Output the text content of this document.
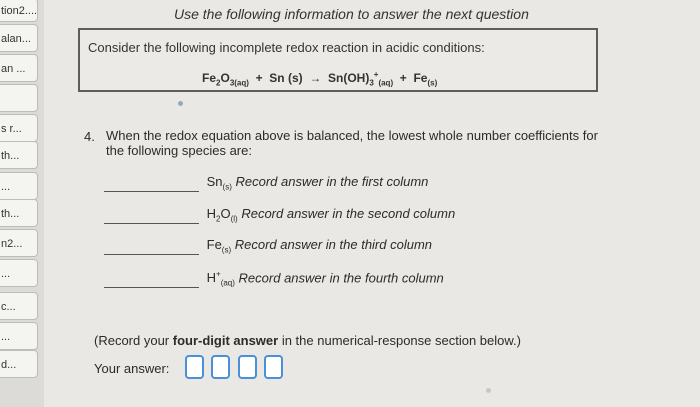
tion2....
alan...
an ...
s r...
th...
...
th...
n2...
...
c...
...
d...
Use the following information to answer the next question
Consider the following incomplete redox reaction in acidic conditions:
$Fe_2O_{3(aq)} + Sn$ $(s) \to Sn(OH)_3^+_{(aq)} + Fe_{(s)}$
4. When the redox equation above is balanced, the lowest whole number coefficients for the following species are:
$Sn_{(s)}$ Record answer in the first column
$H_2O_{(l)}$ Record answer in the second column
$Fe_{(s)}$ Record answer in the third column
$H^+_{(aq)}$ Record answer in the fourth column
(Record your four-digit answer in the numerical-response section below.)
Your answer:
